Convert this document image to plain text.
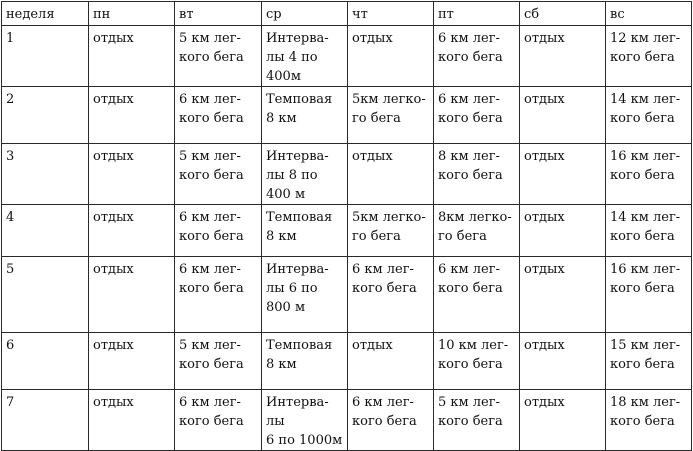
неделя	пн	вт	ср	чт	пт	сб	вс
1	отдых	5 км лег-
кого бега	Интерва-
лы 4 по
400м	отдых	6 км лег-
кого бега	отдых	12 км лег-
кого бега
2	отдых	6 км лег-
кого бега	Темповая
8 км	5км легко-
го бега	6 км лег-
кого бега	отдых	14 км лег-
кого бега
3	отдых	5 км лег-
кого бега	Интерва-
лы 8 по
400 м	отдых	8 км лег-
кого бега	отдых	16 км лег-
кого бега
4	отдых	6 км лег-
кого бега	Темповая
8 км	5км легко-
го бега	8км легко-
го бега	отдых	14 км лег-
кого бега
5	отдых	6 км лег-
кого бега	Интерва-
лы 6 по
800 м	6 км лег-
кого бега	6 км лег-
кого бега	отдых	16 км лег-
кого бега
6	отдых	5 км лег-
кого бега	Темповая
8 км	отдых	10 км лег-
кого бега	отдых	15 км лег-
кого бега
7	отдых	6 км лег-
кого бега	Интерва-
лы
6 по 1000м	6 км лег-
кого бега	5 км лег-
кого бега	отдых	18 км лег-
кого бега
